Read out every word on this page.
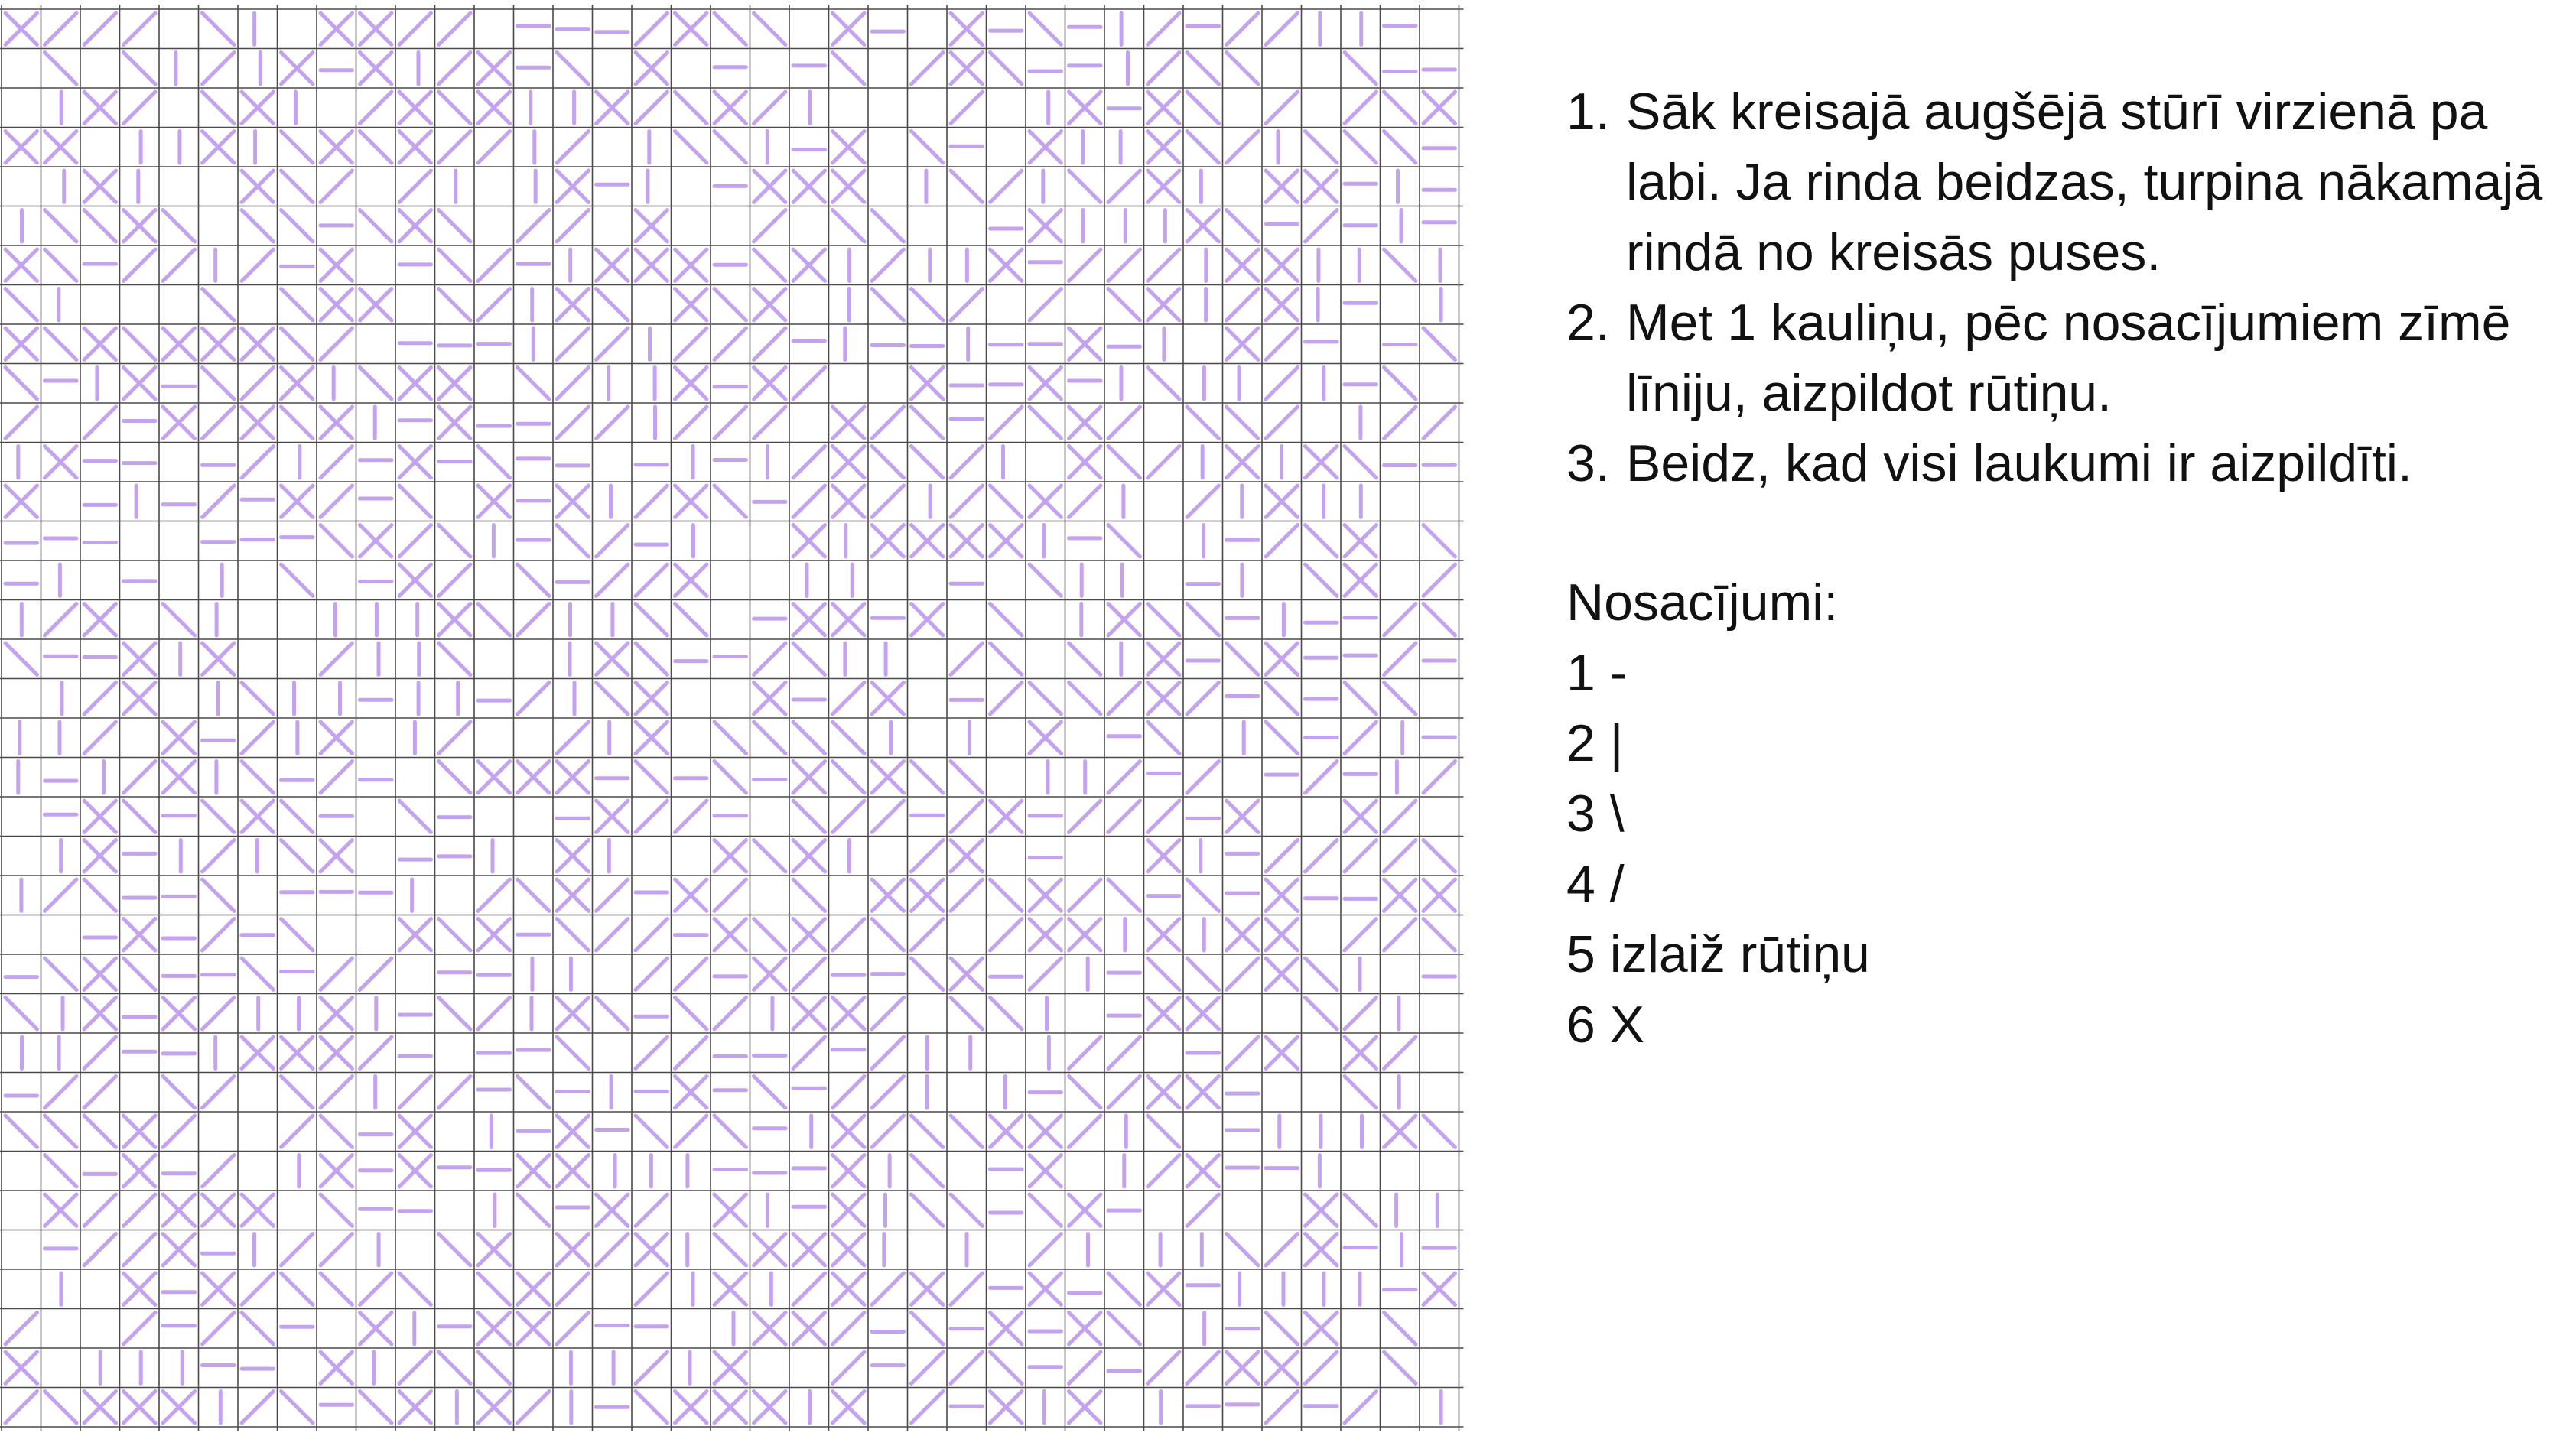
1. Sāk kreisajā augšējā stūrī virzienā pa labi. Ja rinda beidzas, turpina nākamajā rindā no kreisās puses.
2. Met 1 kauliņu, pēc nosacījumiem zīmē līniju, aizpildot rūtiņu.
3. Beidz, kad visi laukumi ir aizpildīti.
Nosacījumi:
1 -
2 |
3 \
4 /
5 izlaiž rūtiņu
6 X
